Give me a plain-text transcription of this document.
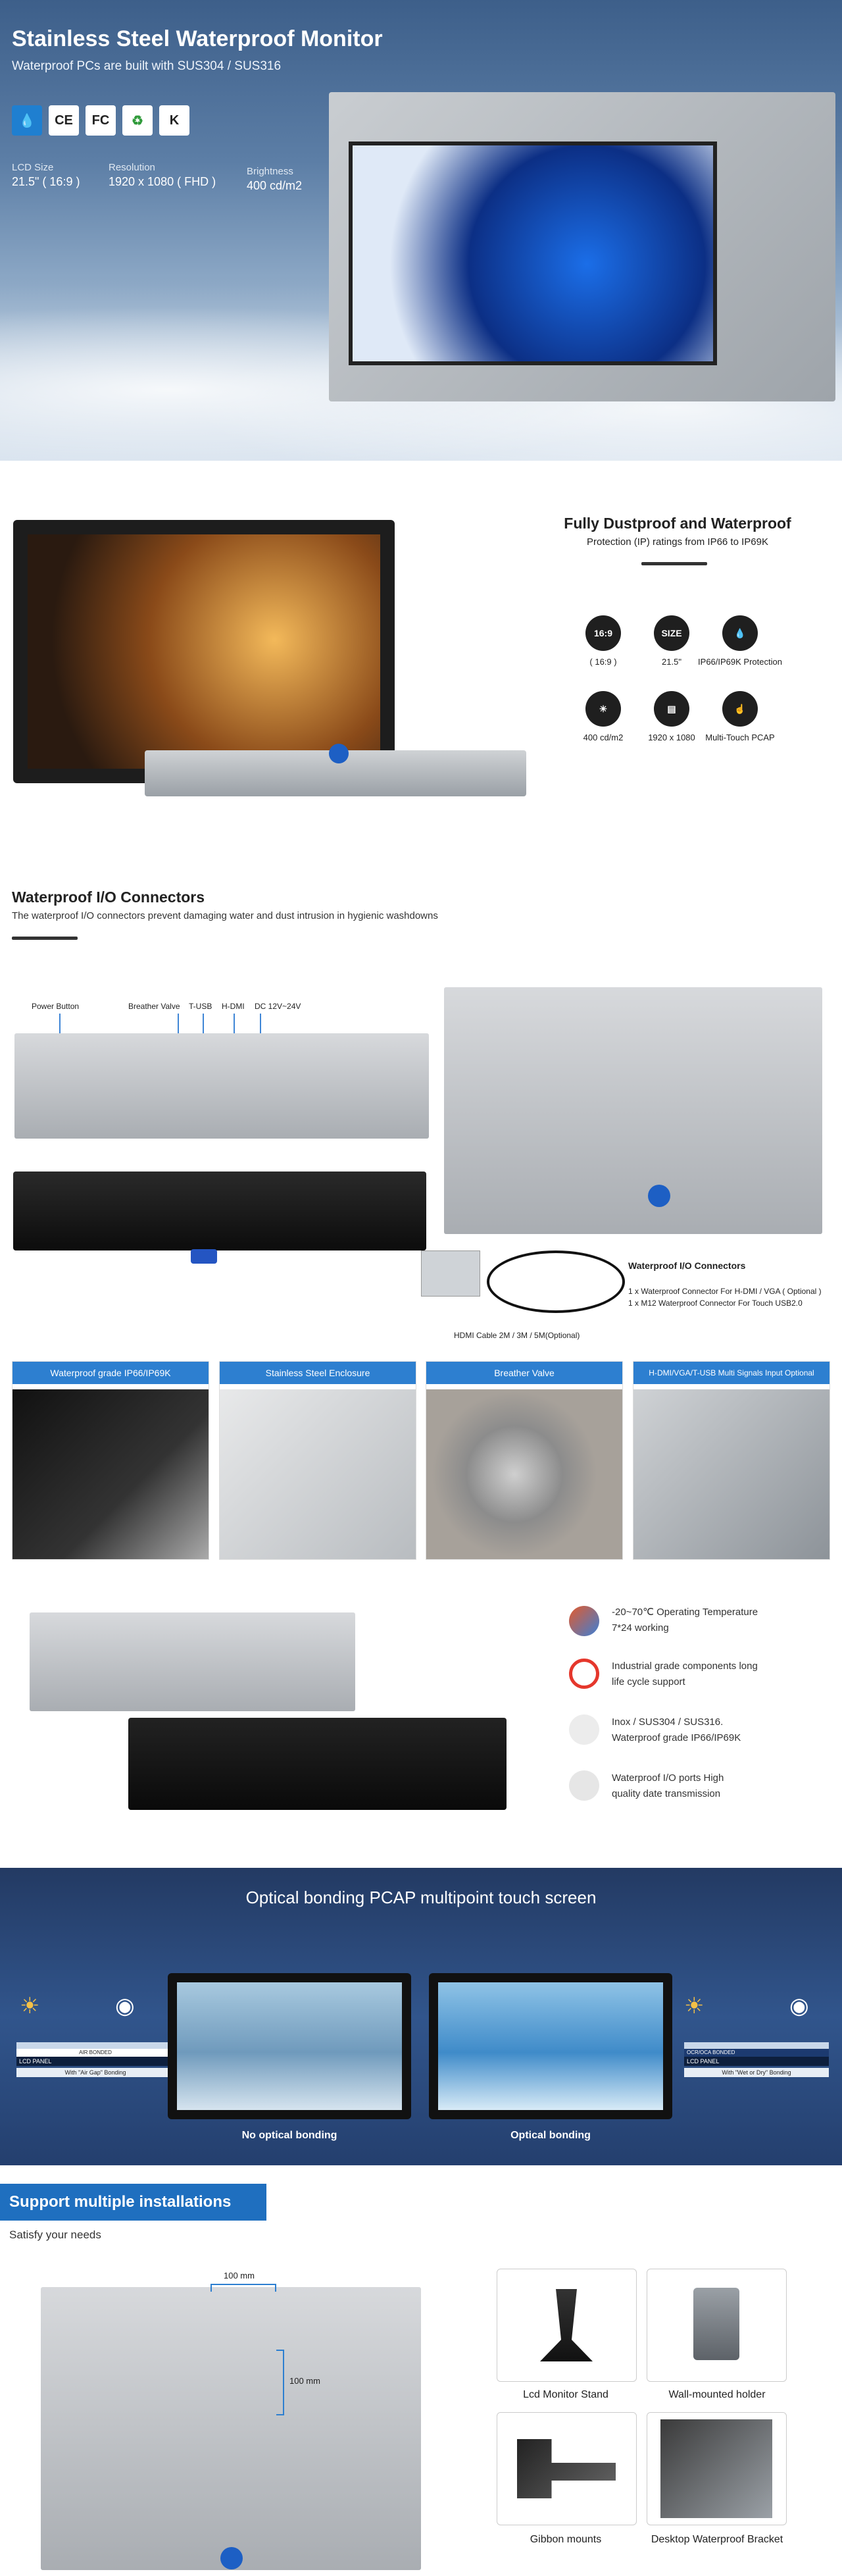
Stainless Steel Waterproof Monitor
Waterproof PCs are built with SUS304 / SUS316
💧	CE	FC	♻	K
LCD Size
21.5" ( 16:9 )
Resolution
1920 x 1080 ( FHD )
Brightness
400 cd/m2
Fully Dustproof and Waterproof
Protection (IP) ratings from IP66 to IP69K
16:9
( 16:9 )
SIZE
21.5"
💧
IP66/IP69K Protection
☀
400 cd/m2
▤
1920 x 1080
☝
Multi-Touch PCAP
Waterproof I/O Connectors
The waterproof I/O connectors prevent damaging water and dust intrusion in hygienic washdowns
Power Button	Breather Valve T-USB H-DMI DC 12V~24V
Waterproof I/O Connectors
1 x Waterproof Connector For H-DMI / VGA ( Optional )
1 x M12 Waterproof Connector For Touch USB2.0
HDMI Cable 2M / 3M / 5M(Optional)
Waterproof grade IP66/IP69K	Stainless Steel Enclosure	Breather Valve	H-DMI/VGA/T-USB Multi Signals Input Optional
-20~70℃ Operating Temperature
7*24 working
Industrial grade components long
life cycle support
Inox / SUS304 / SUS316.
Waterproof grade IP66/IP69K
Waterproof I/O ports High
quality date transmission
Optical bonding PCAP multipoint touch screen
☀	◉
AIR BONDED
LCD PANEL
With "Air Gap" Bonding
No optical bonding	Optical bonding
☀	◉
OCR/OCA BONDED
LCD PANEL
With "Wet or Dry" Bonding
Support multiple installations
Satisfy your needs
100 mm
100 mm
Lcd Monitor Stand	Wall-mounted holder
Gibbon mounts	Desktop Waterproof Bracket
